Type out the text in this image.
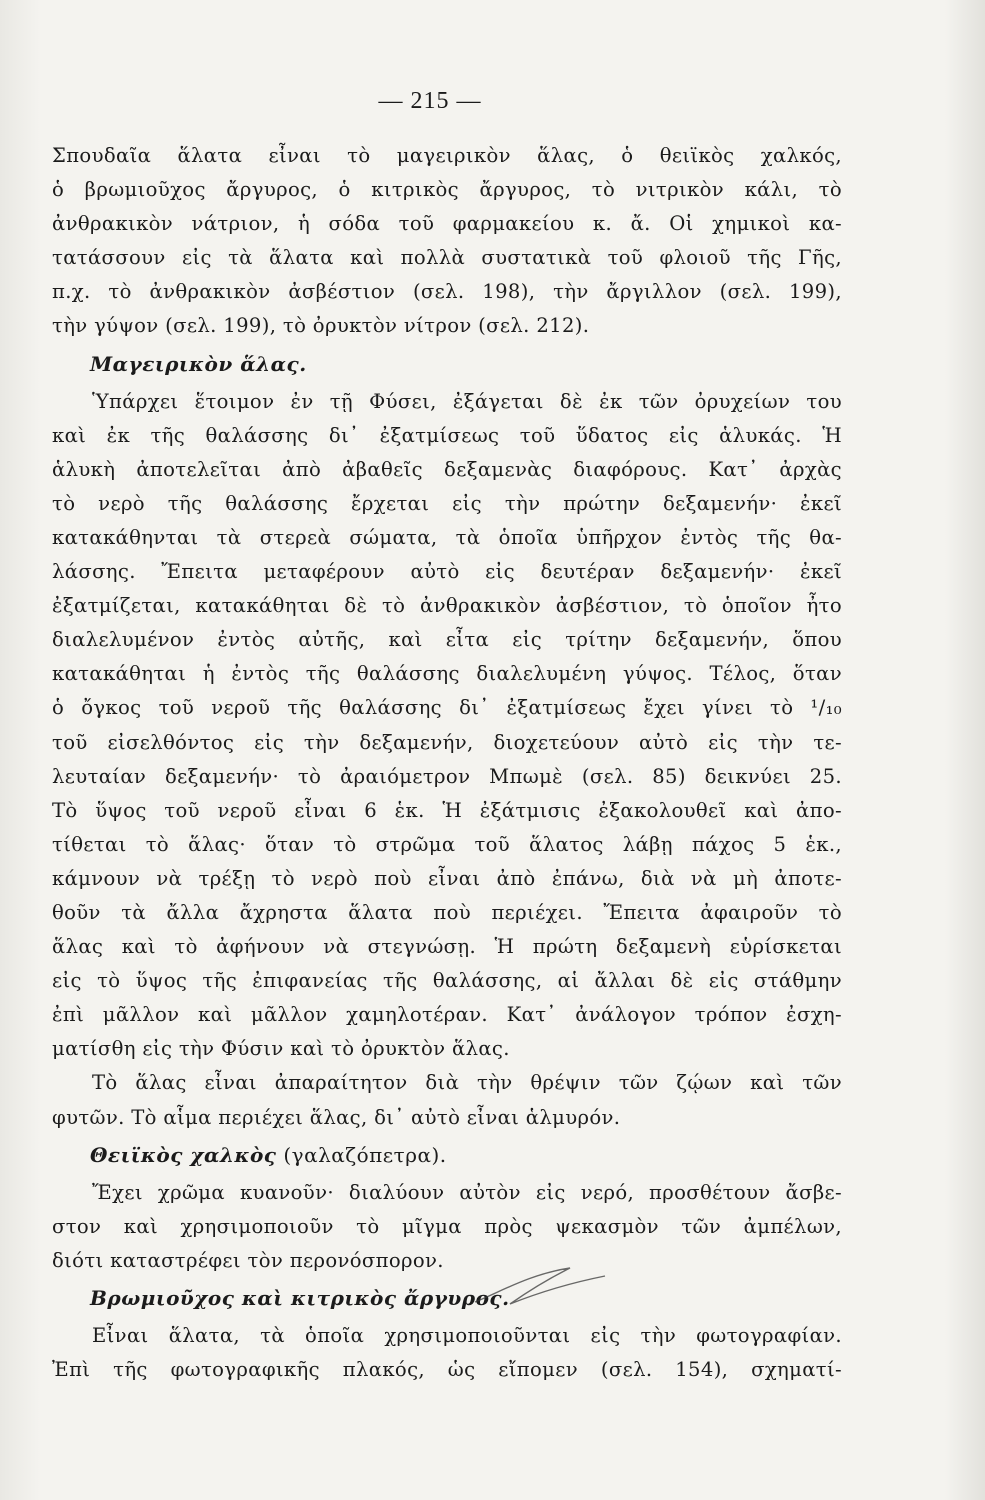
— 215 —
Σπουδαῖα ἅλατα εἶναι τὸ μαγειρικὸν ἅλας, ὁ θειϊκὸς χαλκός,
ὁ βρωμιοῦχος ἄργυρος, ὁ κιτρικὸς ἄργυρος, τὸ νιτρικὸν κάλι, τὸ
ἀνθρακικὸν νάτριον, ἡ σόδα τοῦ φαρμακείου κ. ἄ. Οἱ χημικοὶ κα-
τατάσσουν εἰς τὰ ἅλατα καὶ πολλὰ συστατικὰ τοῦ φλοιοῦ τῆς Γῆς,
π.χ. τὸ ἀνθρακικὸν ἀσβέστιον (σελ. 198), τὴν ἄργιλλον (σελ. 199),
τὴν γύψον (σελ. 199), τὸ ὀρυκτὸν νίτρον (σελ. 212).
Μαγειρικὸν ἅλας.
Ὑπάρχει ἕτοιμον ἐν τῇ Φύσει, ἐξάγεται δὲ ἐκ τῶν ὀρυχείων του
καὶ ἐκ τῆς θαλάσσης δι᾽ ἐξατμίσεως τοῦ ὕδατος εἰς ἁλυκάς. Ἡ
ἁλυκὴ ἀποτελεῖται ἀπὸ ἀβαθεῖς δεξαμενὰς διαφόρους. Κατ᾽ ἀρχὰς
τὸ νερὸ τῆς θαλάσσης ἔρχεται εἰς τὴν πρώτην δεξαμενήν· ἐκεῖ
κατακάθηνται τὰ στερεὰ σώματα, τὰ ὁποῖα ὑπῆρχον ἐντὸς τῆς θα-
λάσσης. Ἔπειτα μεταφέρουν αὐτὸ εἰς δευτέραν δεξαμενήν· ἐκεῖ
ἐξατμίζεται, κατακάθηται δὲ τὸ ἀνθρακικὸν ἀσβέστιον, τὸ ὁποῖον ἦτο
διαλελυμένον ἐντὸς αὐτῆς, καὶ εἶτα εἰς τρίτην δεξαμενήν, ὅπου
κατακάθηται ἡ ἐντὸς τῆς θαλάσσης διαλελυμένη γύψος. Τέλος, ὅταν
ὁ ὄγκος τοῦ νεροῦ τῆς θαλάσσης δι᾽ ἐξατμίσεως ἔχει γίνει τὸ ¹/₁₀
τοῦ εἰσελθόντος εἰς τὴν δεξαμενήν, διοχετεύουν αὐτὸ εἰς τὴν τε-
λευταίαν δεξαμενήν· τὸ ἀραιόμετρον Μπωμὲ (σελ. 85) δεικνύει 25.
Τὸ ὕψος τοῦ νεροῦ εἶναι 6 ἑκ. Ἡ ἐξάτμισις ἐξακολουθεῖ καὶ ἀπο-
τίθεται τὸ ἅλας· ὅταν τὸ στρῶμα τοῦ ἅλατος λάβῃ πάχος 5 ἑκ.,
κάμνουν νὰ τρέξῃ τὸ νερὸ ποὺ εἶναι ἀπὸ ἐπάνω, διὰ νὰ μὴ ἀποτε-
θοῦν τὰ ἄλλα ἄχρηστα ἅλατα ποὺ περιέχει. Ἔπειτα ἀφαιροῦν τὸ
ἅλας καὶ τὸ ἀφήνουν νὰ στεγνώσῃ. Ἡ πρώτη δεξαμενὴ εὑρίσκεται
εἰς τὸ ὕψος τῆς ἐπιφανείας τῆς θαλάσσης, αἱ ἄλλαι δὲ εἰς στάθμην
ἐπὶ μᾶλλον καὶ μᾶλλον χαμηλοτέραν. Κατ᾽ ἀνάλογον τρόπον ἐσχη-
ματίσθη εἰς τὴν Φύσιν καὶ τὸ ὀρυκτὸν ἅλας.
Τὸ ἅλας εἶναι ἀπαραίτητον διὰ τὴν θρέψιν τῶν ζῴων καὶ τῶν
φυτῶν. Τὸ αἷμα περιέχει ἅλας, δι᾽ αὐτὸ εἶναι ἁλμυρόν.
Θειϊκὸς χαλκὸς (γαλαζόπετρα).
Ἔχει χρῶμα κυανοῦν· διαλύουν αὐτὸν εἰς νερό, προσθέτουν ἄσβε-
στον καὶ χρησιμοποιοῦν τὸ μῖγμα πρὸς ψεκασμὸν τῶν ἀμπέλων,
διότι καταστρέφει τὸν περονόσπορον.
Βρωμιοῦχος καὶ κιτρικὸς ἄργυρος.
Εἶναι ἅλατα, τὰ ὁποῖα χρησιμοποιοῦνται εἰς τὴν φωτογραφίαν.
Ἐπὶ τῆς φωτογραφικῆς πλακός, ὡς εἴπομεν (σελ. 154), σχηματί-
